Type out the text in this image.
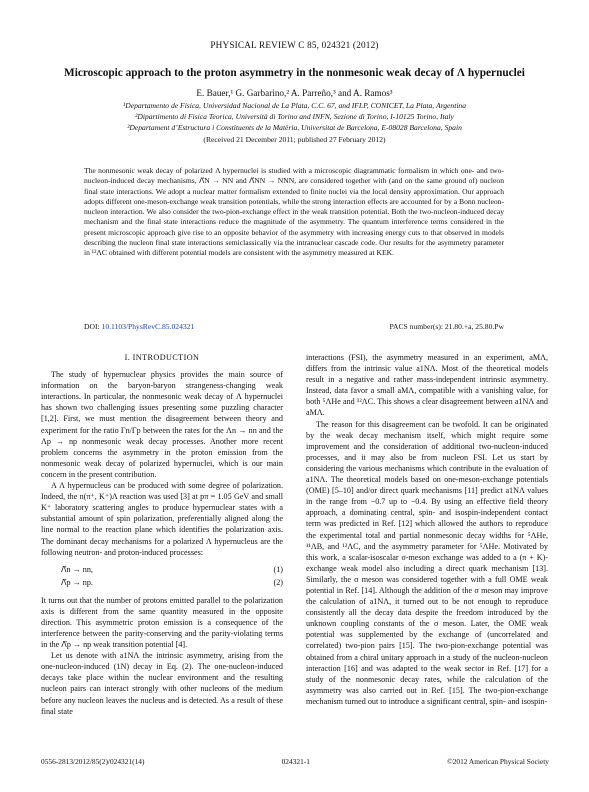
PHYSICAL REVIEW C 85, 024321 (2012)
Microscopic approach to the proton asymmetry in the nonmesonic weak decay of Λ hypernuclei
E. Bauer,¹ G. Garbarino,² A. Parreño,³ and A. Ramos³
¹Departamento de Física, Universidad Nacional de La Plata, C.C. 67, and IFLP, CONICET, La Plata, Argentina
²Dipartimento di Fisica Teorica, Università di Torino and INFN, Sezione di Torino, I-10125 Torino, Italy
³Departament d’Estructura i Constituents de la Matèria, Universitat de Barcelona, E-08028 Barcelona, Spain
(Received 21 December 2011; published 27 February 2012)
The nonmesonic weak decay of polarized Λ hypernuclei is studied with a microscopic diagrammatic formalism in which one- and two-nucleon-induced decay mechanisms, Λ⃗N → NN and Λ⃗NN → NNN, are considered together with (and on the same ground of) nucleon final state interactions. We adopt a nuclear matter formalism extended to finite nuclei via the local density approximation. Our approach adopts different one-meson-exchange weak transition potentials, while the strong interaction effects are accounted for by a Bonn nucleon-nucleon interaction. We also consider the two-pion-exchange effect in the weak transition potential. Both the two-nucleon-induced decay mechanism and the final state interactions reduce the magnitude of the asymmetry. The quantum interference terms considered in the present microscopic approach give rise to an opposite behavior of the asymmetry with increasing energy cuts to that observed in models describing the nucleon final state interactions semiclassically via the intranuclear cascade code. Our results for the asymmetry parameter in ¹²ΛC obtained with different potential models are consistent with the asymmetry measured at KEK.
DOI: 10.1103/PhysRevC.85.024321	PACS number(s): 21.80.+a, 25.80.Pw
I. INTRODUCTION

The study of hypernuclear physics provides the main source of information on the baryon-baryon strangeness-changing weak interactions. In particular, the nonmesonic weak decay of Λ hypernuclei has shown two challenging issues presenting some puzzling character [1,2]. First, we must mention the disagreement between theory and experiment for the ratio Γn/Γp between the rates for the Λn → nn and the Λp → np nonmesonic weak decay processes. Another more recent problem concerns the asymmetry in the proton emission from the nonmesonic weak decay of polarized hypernuclei, which is our main concern in the present contribution.

A Λ hypernucleus can be produced with some degree of polarization. Indeed, the n(π⁺, K⁺)Λ reaction was used [3] at pπ = 1.05 GeV and small K⁺ laboratory scattering angles to produce hypernuclear states with a substantial amount of spin polarization, preferentially aligned along the line normal to the reaction plane which identifies the polarization axis. The dominant decay mechanisms for a polarized Λ hypernucleus are the following neutron- and proton-induced processes:

Λ⃗n → nn,	(1)
Λ⃗p → np.	(2)

It turns out that the number of protons emitted parallel to the polarization axis is different from the same quantity measured in the opposite direction. This asymmetric proton emission is a consequence of the interference between the parity-conserving and the parity-violating terms in the Λ⃗p → np weak transition potential [4].

Let us denote with a1NΛ the intrinsic asymmetry, arising from the one-nucleon-induced (1N) decay in Eq. (2). The one-nucleon-induced decays take place within the nuclear environment and the resulting nucleon pairs can interact strongly with other nucleons of the medium before any nucleon leaves the nucleus and is detected. As a result of these final state

interactions (FSI), the asymmetry measured in an experiment, aMΛ, differs from the intrinsic value a1NΛ. Most of the theoretical models result in a negative and rather mass-independent intrinsic asymmetry. Instead, data favor a small aMΛ, compatible with a vanishing value, for both ⁵ΛHe and ¹²ΛC. This shows a clear disagreement between a1NΛ and aMΛ.

The reason for this disagreement can be twofold. It can be originated by the weak decay mechanism itself, which might require some improvement and the consideration of additional two-nucleon-induced processes, and it may also be from nucleon FSI. Let us start by considering the various mechanisms which contribute in the evaluation of a1NΛ. The theoretical models based on one-meson-exchange potentials (OME) [5–10] and/or direct quark mechanisms [11] predict a1NΛ values in the range from −0.7 up to −0.4. By using an effective field theory approach, a dominating central, spin- and isospin-independent contact term was predicted in Ref. [12] which allowed the authors to reproduce the experimental total and partial nonmesonic decay widths for ⁵ΛHe, ¹¹ΛB, and ¹²ΛC, and the asymmetry parameter for ⁵ΛHe. Motivated by this work, a scalar-isoscalar σ-meson exchange was added to a (π + K)-exchange weak model also including a direct quark mechanism [13]. Similarly, the σ meson was considered together with a full OME weak potential in Ref. [14]. Although the addition of the σ meson may improve the calculation of a1NΛ, it turned out to be not enough to reproduce consistently all the decay data despite the freedom introduced by the unknown coupling constants of the σ meson. Later, the OME weak potential was supplemented by the exchange of (uncorrelated and correlated) two-pion pairs [15]. The two-pion-exchange potential was obtained from a chiral unitary approach in a study of the nucleon-nucleon interaction [16] and was adapted to the weak sector in Ref. [17] for a study of the nonmesonic decay rates, while the calculation of the asymmetry was also carried out in Ref. [15]. The two-pion-exchange mechanism turned out to introduce a significant central, spin- and isospin-

0556-2813/2012/85(2)/024321(14)	024321-1	©2012 American Physical Society
